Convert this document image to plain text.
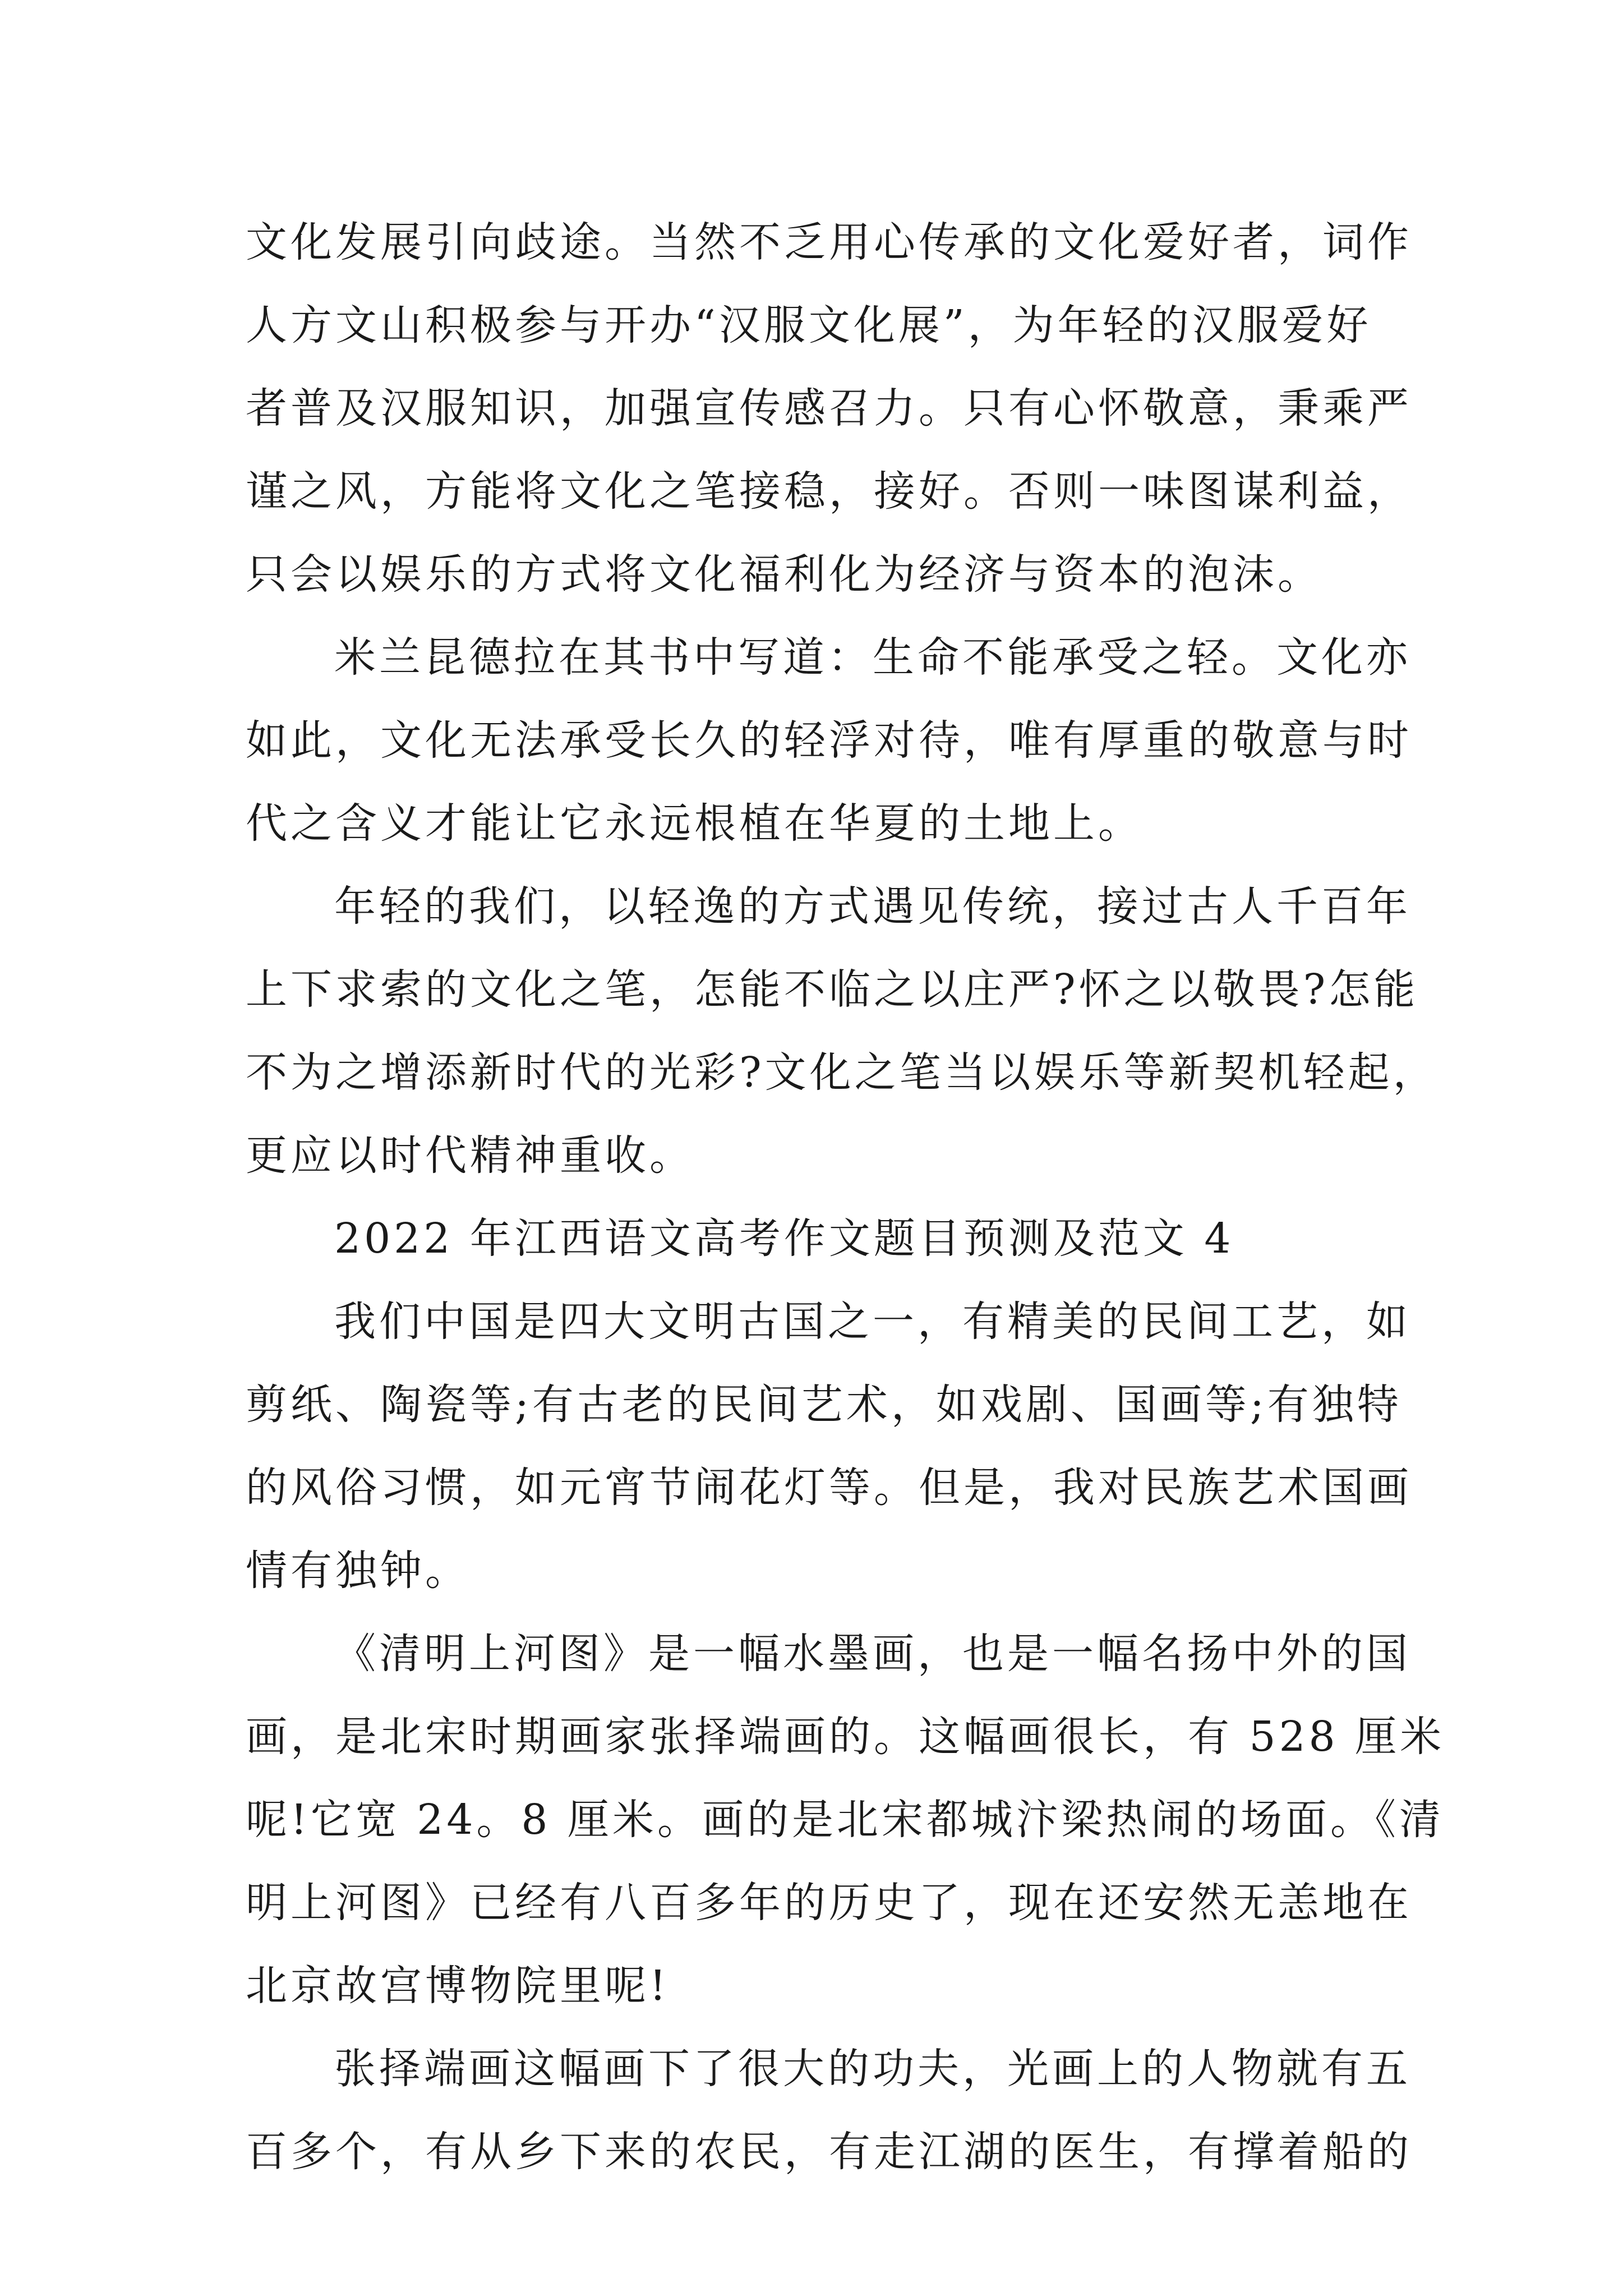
文化发展引向歧途。当然不乏用心传承的文化爱好者，词作
人方文山积极参与开办“汉服文化展”，为年轻的汉服爱好
者普及汉服知识，加强宣传感召力。只有心怀敬意，秉乘严
谨之风，方能将文化之笔接稳，接好。否则一味图谋利益，
只会以娱乐的方式将文化福利化为经济与资本的泡沫。
米兰昆德拉在其书中写道：生命不能承受之轻。文化亦
如此，文化无法承受长久的轻浮对待，唯有厚重的敬意与时
代之含义才能让它永远根植在华夏的土地上。
年轻的我们，以轻逸的方式遇见传统，接过古人千百年
上下求索的文化之笔，怎能不临之以庄严?怀之以敬畏?怎能
不为之增添新时代的光彩?文化之笔当以娱乐等新契机轻起，
更应以时代精神重收。
2022 年江西语文高考作文题目预测及范文 4
我们中国是四大文明古国之一，有精美的民间工艺，如
剪纸、陶瓷等;有古老的民间艺术，如戏剧、国画等;有独特
的风俗习惯，如元宵节闹花灯等。但是，我对民族艺术国画
情有独钟。
《清明上河图》是一幅水墨画，也是一幅名扬中外的国
画，是北宋时期画家张择端画的。这幅画很长，有 528 厘米
呢!它宽 24。8 厘米。画的是北宋都城汴梁热闹的场面。《清
明上河图》已经有八百多年的历史了，现在还安然无恙地在
北京故宫博物院里呢!
张择端画这幅画下了很大的功夫，光画上的人物就有五
百多个，有从乡下来的农民，有走江湖的医生，有撑着船的
